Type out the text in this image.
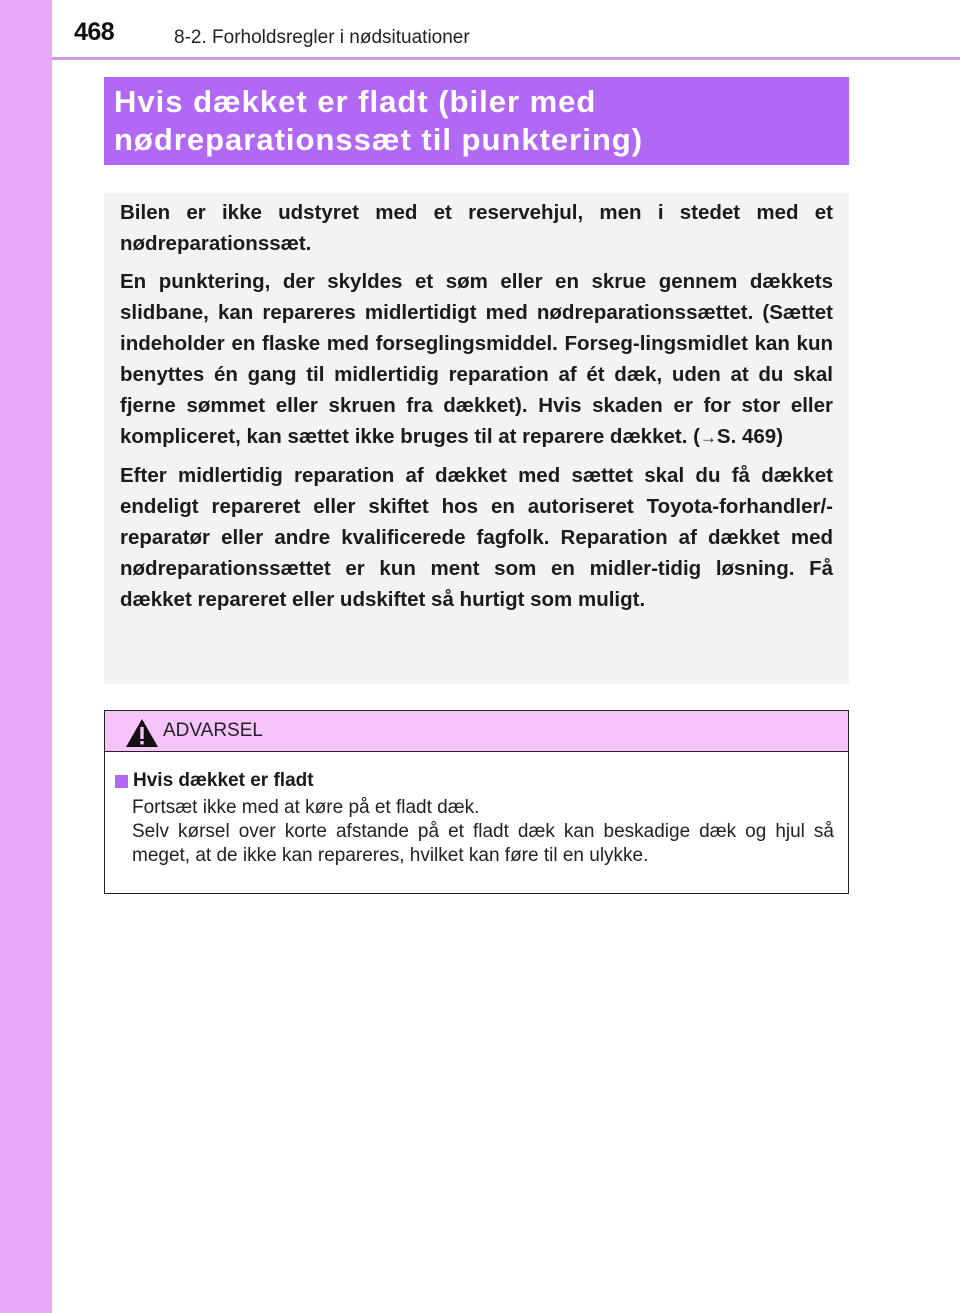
468	8-2. Forholdsregler i nødsituationer
Hvis dækket er fladt (biler med
nødreparationssæt til punktering)

Bilen er ikke udstyret med et reservehjul, men i stedet med et nødreparationssæt.

En punktering, der skyldes et søm eller en skrue gennem dækkets slidbane, kan repareres midlertidigt med nødreparationssættet. (Sættet indeholder en flaske med forseglingsmiddel. Forseg-lingsmidlet kan kun benyttes én gang til midlertidig reparation af ét dæk, uden at du skal fjerne sømmet eller skruen fra dækket). Hvis skaden er for stor eller kompliceret, kan sættet ikke bruges til at reparere dækket. (→S. 469)

Efter midlertidig reparation af dækket med sættet skal du få dækket endeligt repareret eller skiftet hos en autoriseret Toyota-forhandler/-reparatør eller andre kvalificerede fagfolk. Reparation af dækket med nødreparationssættet er kun ment som en midler-tidig løsning. Få dækket repareret eller udskiftet så hurtigt som muligt.

ADVARSEL
Hvis dækket er fladt
Fortsæt ikke med at køre på et fladt dæk.
Selv kørsel over korte afstande på et fladt dæk kan beskadige dæk og hjul så meget, at de ikke kan repareres, hvilket kan føre til en ulykke.
